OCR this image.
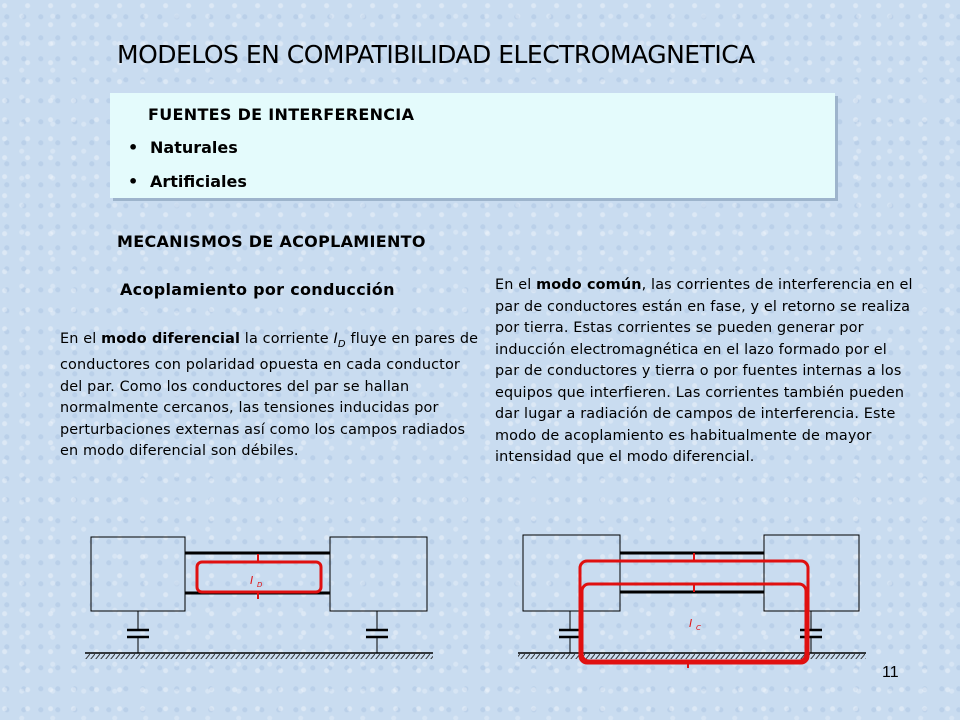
MODELOS EN COMPATIBILIDAD ELECTROMAGNETICA
FUENTES DE INTERFERENCIA
• Naturales
• Artificiales
MECANISMOS DE ACOPLAMIENTO
Acoplamiento por conducción
En el modo diferencial la corriente $I_D$ fluye en pares de conductores con polaridad opuesta en cada conductor del par. Como los conductores del par se hallan normalmente cercanos, las tensiones inducidas por perturbaciones externas así como los campos radiados en modo diferencial son débiles.
En el modo común, las corrientes de interferencia en el par de conductores están en fase, y el retorno se realiza por tierra. Estas corrientes se pueden generar por inducción electromagnética en el lazo formado por el par de conductores y tierra o por fuentes internas a los equipos que interfieren. Las corrientes también pueden dar lugar a radiación de campos de interferencia. Este modo de acoplamiento es habitualmente de mayor intensidad que el modo diferencial.
I D
I C
11
